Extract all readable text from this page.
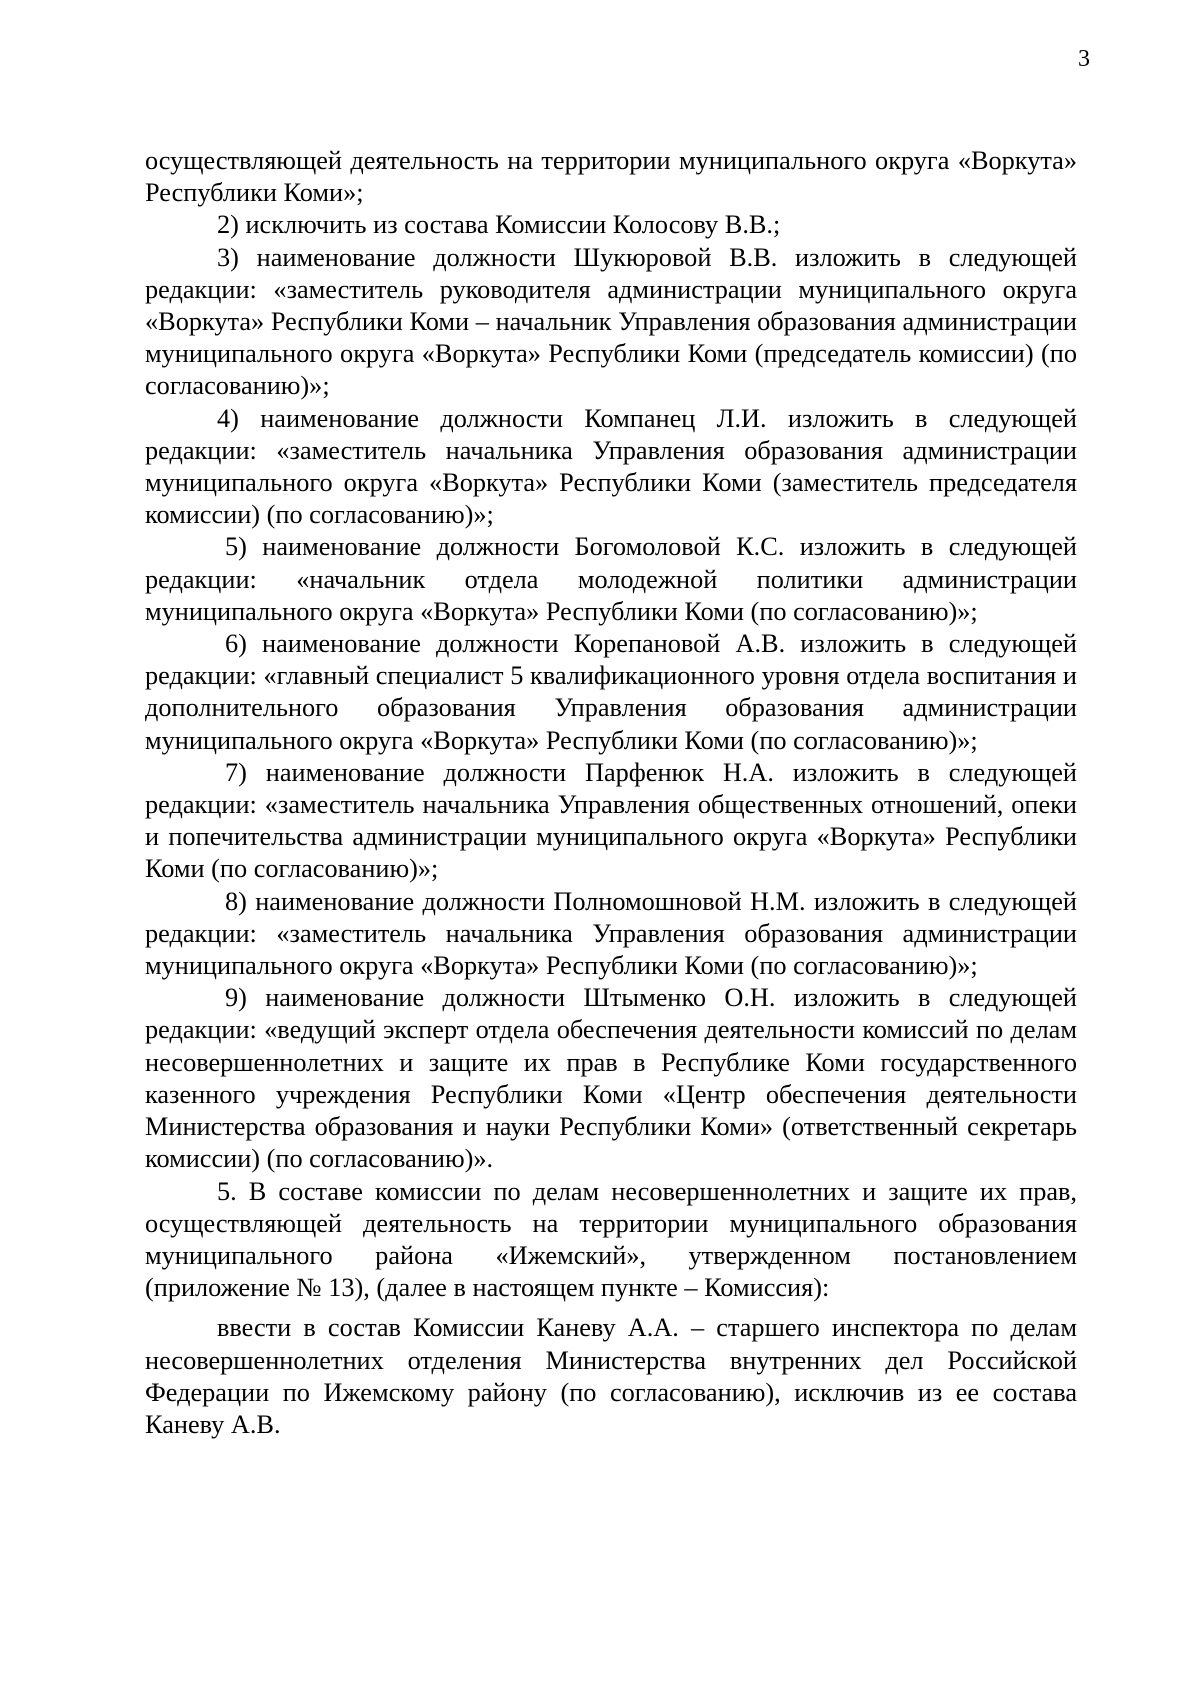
3

осуществляющей деятельность на территории муниципального округа «Воркута» Республики Коми»;

2) исключить из состава Комиссии Колосову В.В.;

3) наименование должности Шукюровой В.В. изложить в следующей редакции: «заместитель руководителя администрации муниципального округа «Воркута» Республики Коми – начальник Управления образования администрации муниципального округа «Воркута» Республики Коми (председатель комиссии) (по согласованию)»;

4) наименование должности Компанец Л.И. изложить в следующей редакции: «заместитель начальника Управления образования администрации муниципального округа «Воркута» Республики Коми (заместитель председателя комиссии) (по согласованию)»;

5) наименование должности Богомоловой К.С. изложить в следующей редакции: «начальник отдела молодежной политики администрации муниципального округа «Воркута» Республики Коми (по согласованию)»;

6) наименование должности Корепановой А.В. изложить в следующей редакции: «главный специалист 5 квалификационного уровня отдела воспитания и дополнительного образования Управления образования администрации муниципального округа «Воркута» Республики Коми (по согласованию)»;

7) наименование должности Парфенюк Н.А. изложить в следующей редакции: «заместитель начальника Управления общественных отношений, опеки и попечительства администрации муниципального округа «Воркута» Республики Коми (по согласованию)»;

8) наименование должности Полномошновой Н.М. изложить в следующей редакции: «заместитель начальника Управления образования администрации муниципального округа «Воркута» Республики Коми (по согласованию)»;

9) наименование должности Штыменко О.Н. изложить в следующей редакции: «ведущий эксперт отдела обеспечения деятельности комиссий по делам несовершеннолетних и защите их прав в Республике Коми государственного казенного учреждения Республики Коми «Центр обеспечения деятельности Министерства образования и науки Республики Коми» (ответственный секретарь комиссии) (по согласованию)».

5. В составе комиссии по делам несовершеннолетних и защите их прав, осуществляющей деятельность на территории муниципального образования муниципального района «Ижемский», утвержденном постановлением (приложение № 13), (далее в настоящем пункте – Комиссия):

ввести в состав Комиссии Каневу А.А. – старшего инспектора по делам несовершеннолетних отделения Министерства внутренних дел Российской Федерации по Ижемскому району (по согласованию), исключив из ее состава Каневу А.В.
